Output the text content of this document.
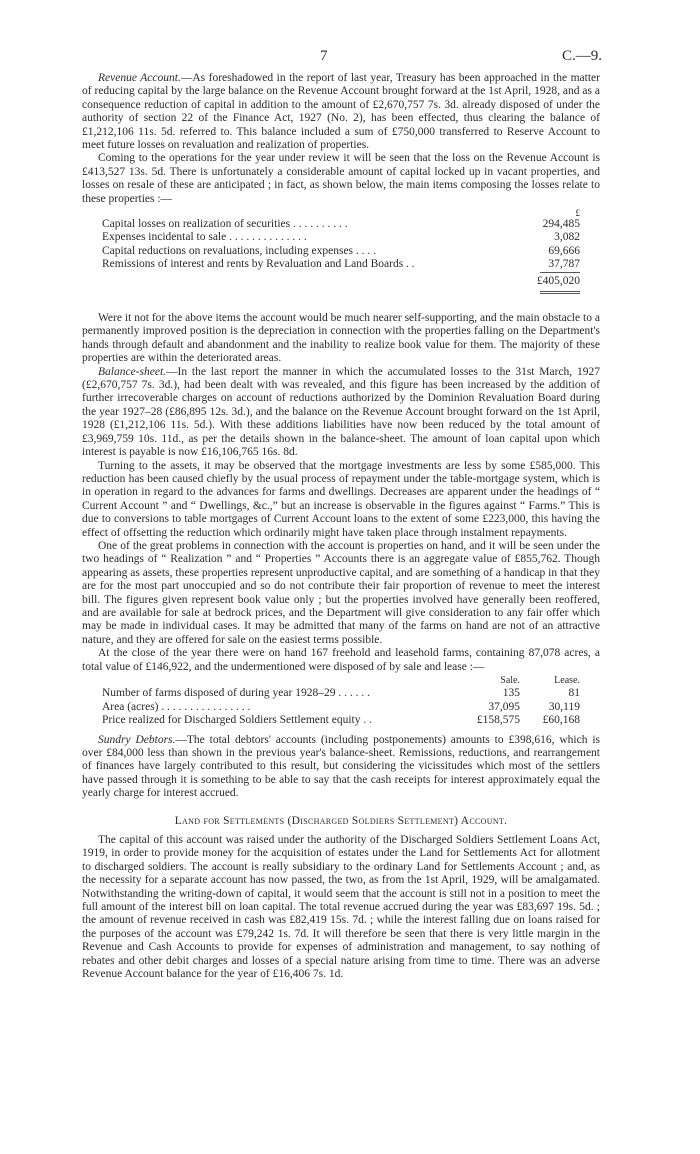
7	C.—9.

Revenue Account.—As foreshadowed in the report of last year, Treasury has been approached in the matter of reducing capital by the large balance on the Revenue Account brought forward at the 1st April, 1928, and as a consequence reduction of capital in addition to the amount of £2,670,757 7s. 3d. already disposed of under the authority of section 22 of the Finance Act, 1927 (No. 2), has been effected, thus clearing the balance of £1,212,106 11s. 5d. referred to. This balance included a sum of £750,000 transferred to Reserve Account to meet future losses on revaluation and realization of properties.

Coming to the operations for the year under review it will be seen that the loss on the Revenue Account is £413,527 13s. 5d. There is unfortunately a considerable amount of capital locked up in vacant properties, and losses on resale of these are anticipated ; in fact, as shown below, the main items composing the losses relate to these properties :—

£
Capital losses on realization of securities . . . . . . . . . .	294,485
Expenses incidental to sale . . . . . . . . . . . . . .	3,082
Capital reductions on revaluations, including expenses . . . .	69,666
Remissions of interest and rents by Revaluation and Land Boards . .	37,787
£405,020

Were it not for the above items the account would be much nearer self-supporting, and the main obstacle to a permanently improved position is the depreciation in connection with the properties falling on the Department's hands through default and abandonment and the inability to realize book value for them. The majority of these properties are within the deteriorated areas.

Balance-sheet.—In the last report the manner in which the accumulated losses to the 31st March, 1927 (£2,670,757 7s. 3d.), had been dealt with was revealed, and this figure has been increased by the addition of further irrecoverable charges on account of reductions authorized by the Dominion Revaluation Board during the year 1927–28 (£86,895 12s. 3d.), and the balance on the Revenue Account brought forward on the 1st April, 1928 (£1,212,106 11s. 5d.). With these additions liabilities have now been reduced by the total amount of £3,969,759 10s. 11d., as per the details shown in the balance-sheet. The amount of loan capital upon which interest is payable is now £16,106,765 16s. 8d.

Turning to the assets, it may be observed that the mortgage investments are less by some £585,000. This reduction has been caused chiefly by the usual process of repayment under the table-mortgage system, which is in operation in regard to the advances for farms and dwellings. Decreases are apparent under the headings of “ Current Account ” and “ Dwellings, &c.,” but an increase is observable in the figures against “ Farms.” This is due to conversions to table mortgages of Current Account loans to the extent of some £223,000, this having the effect of offsetting the reduction which ordinarily might have taken place through instalment repayments.

One of the great problems in connection with the account is properties on hand, and it will be seen under the two headings of “ Realization ” and “ Properties ” Accounts there is an aggregate value of £855,762. Though appearing as assets, these properties represent unproductive capital, and are something of a handicap in that they are for the most part unoccupied and so do not contribute their fair proportion of revenue to meet the interest bill. The figures given represent book value only ; but the properties involved have generally been reoffered, and are available for sale at bedrock prices, and the Department will give consideration to any fair offer which may be made in individual cases. It may be admitted that many of the farms on hand are not of an attractive nature, and they are offered for sale on the easiest terms possible.

At the close of the year there were on hand 167 freehold and leasehold farms, containing 87,078 acres, a total value of £146,922, and the undermentioned were disposed of by sale and lease :—

Sale.	Lease.
Number of farms disposed of during year 1928–29 . . . . . .	135	81
Area (acres) . . . . . . . . . . . . . . . .	37,095	30,119
Price realized for Discharged Soldiers Settlement equity . .	£158,575	£60,168

Sundry Debtors.—The total debtors' accounts (including postponements) amounts to £398,616, which is over £84,000 less than shown in the previous year's balance-sheet. Remissions, reductions, and rearrangement of finances have largely contributed to this result, but considering the vicissitudes which most of the settlers have passed through it is something to be able to say that the cash receipts for interest approximately equal the yearly charge for interest accrued.

Land for Settlements (Discharged Soldiers Settlement) Account.

The capital of this account was raised under the authority of the Discharged Soldiers Settlement Loans Act, 1919, in order to provide money for the acquisition of estates under the Land for Settlements Act for allotment to discharged soldiers. The account is really subsidiary to the ordinary Land for Settlements Account ; and, as the necessity for a separate account has now passed, the two, as from the 1st April, 1929, will be amalgamated. Notwithstanding the writing-down of capital, it would seem that the account is still not in a position to meet the full amount of the interest bill on loan capital. The total revenue accrued during the year was £83,697 19s. 5d. ; the amount of revenue received in cash was £82,419 15s. 7d. ; while the interest falling due on loans raised for the purposes of the account was £79,242 1s. 7d. It will therefore be seen that there is very little margin in the Revenue and Cash Accounts to provide for expenses of administration and management, to say nothing of rebates and other debit charges and losses of a special nature arising from time to time. There was an adverse Revenue Account balance for the year of £16,406 7s. 1d.
